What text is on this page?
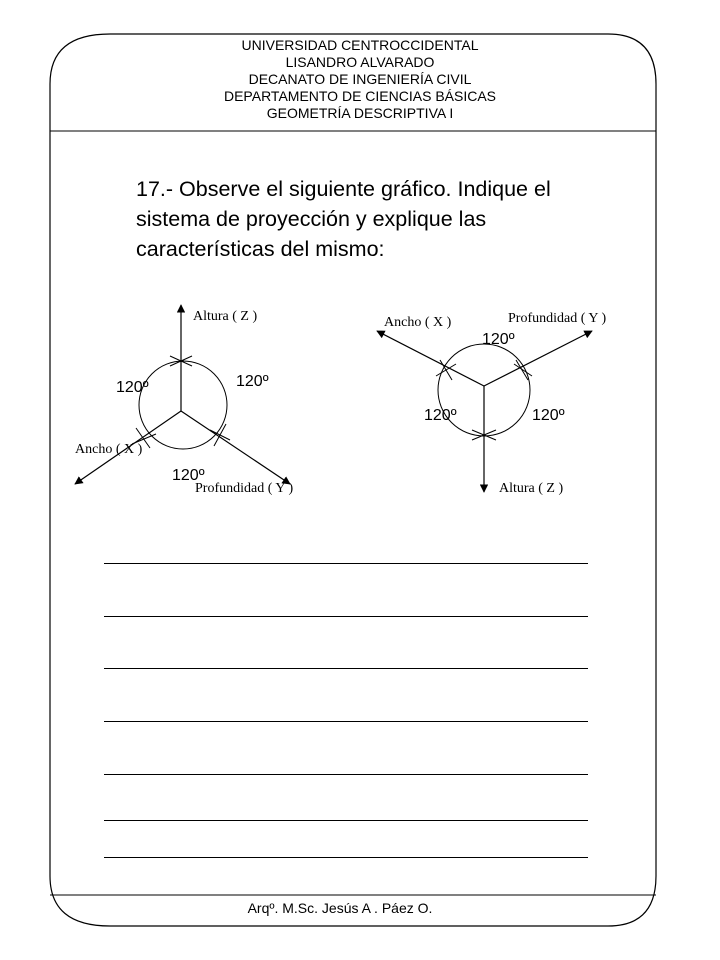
UNIVERSIDAD CENTROCCIDENTAL
LISANDRO ALVARADO
DECANATO DE INGENIERÍA CIVIL
DEPARTAMENTO DE CIENCIAS BÁSICAS
GEOMETRÍA DESCRIPTIVA I
17.- Observe el siguiente gráfico. Indique el sistema de proyección y explique las características del mismo:
Altura ( Z )
Ancho ( X )
Profundidad ( Y )
120º	120º
120º
Ancho ( X )	Profundidad ( Y )
Altura ( Z )
120º
120º	120º
Arqº. M.Sc. Jesús A . Páez O.
